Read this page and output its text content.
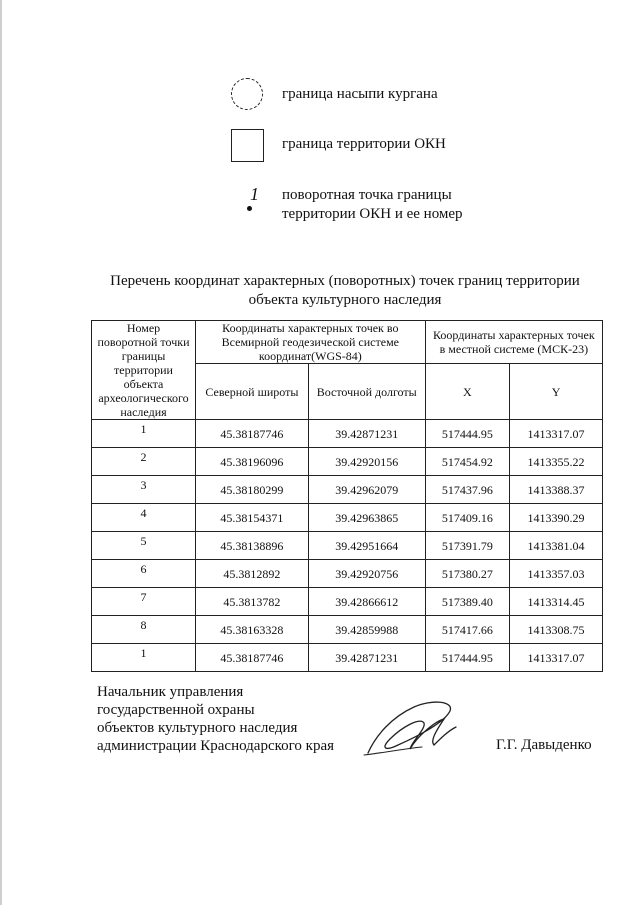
граница насыпи кургана
граница территории ОКН
1 поворотная точка границы
территории ОКН и ее номер
Перечень координат характерных (поворотных) точек границ территории
объекта культурного наследия
Номер поворотной точки границы территории объекта археологического наследия	Координаты характерных точек во Всемирной геодезической системе координат(WGS-84)		Координаты характерных точек в местной системе (МСК-23)	
	Северной широты	Восточной долготы	X	Y
1	45.38187746	39.42871231	517444.95	1413317.07
2	45.38196096	39.42920156	517454.92	1413355.22
3	45.38180299	39.42962079	517437.96	1413388.37
4	45.38154371	39.42963865	517409.16	1413390.29
5	45.38138896	39.42951664	517391.79	1413381.04
6	45.3812892	39.42920756	517380.27	1413357.03
7	45.3813782	39.42866612	517389.40	1413314.45
8	45.38163328	39.42859988	517417.66	1413308.75
1	45.38187746	39.42871231	517444.95	1413317.07
Начальник управления
государственной охраны
объектов культурного наследия
администрации Краснодарского края	Г.Г. Давыденко
